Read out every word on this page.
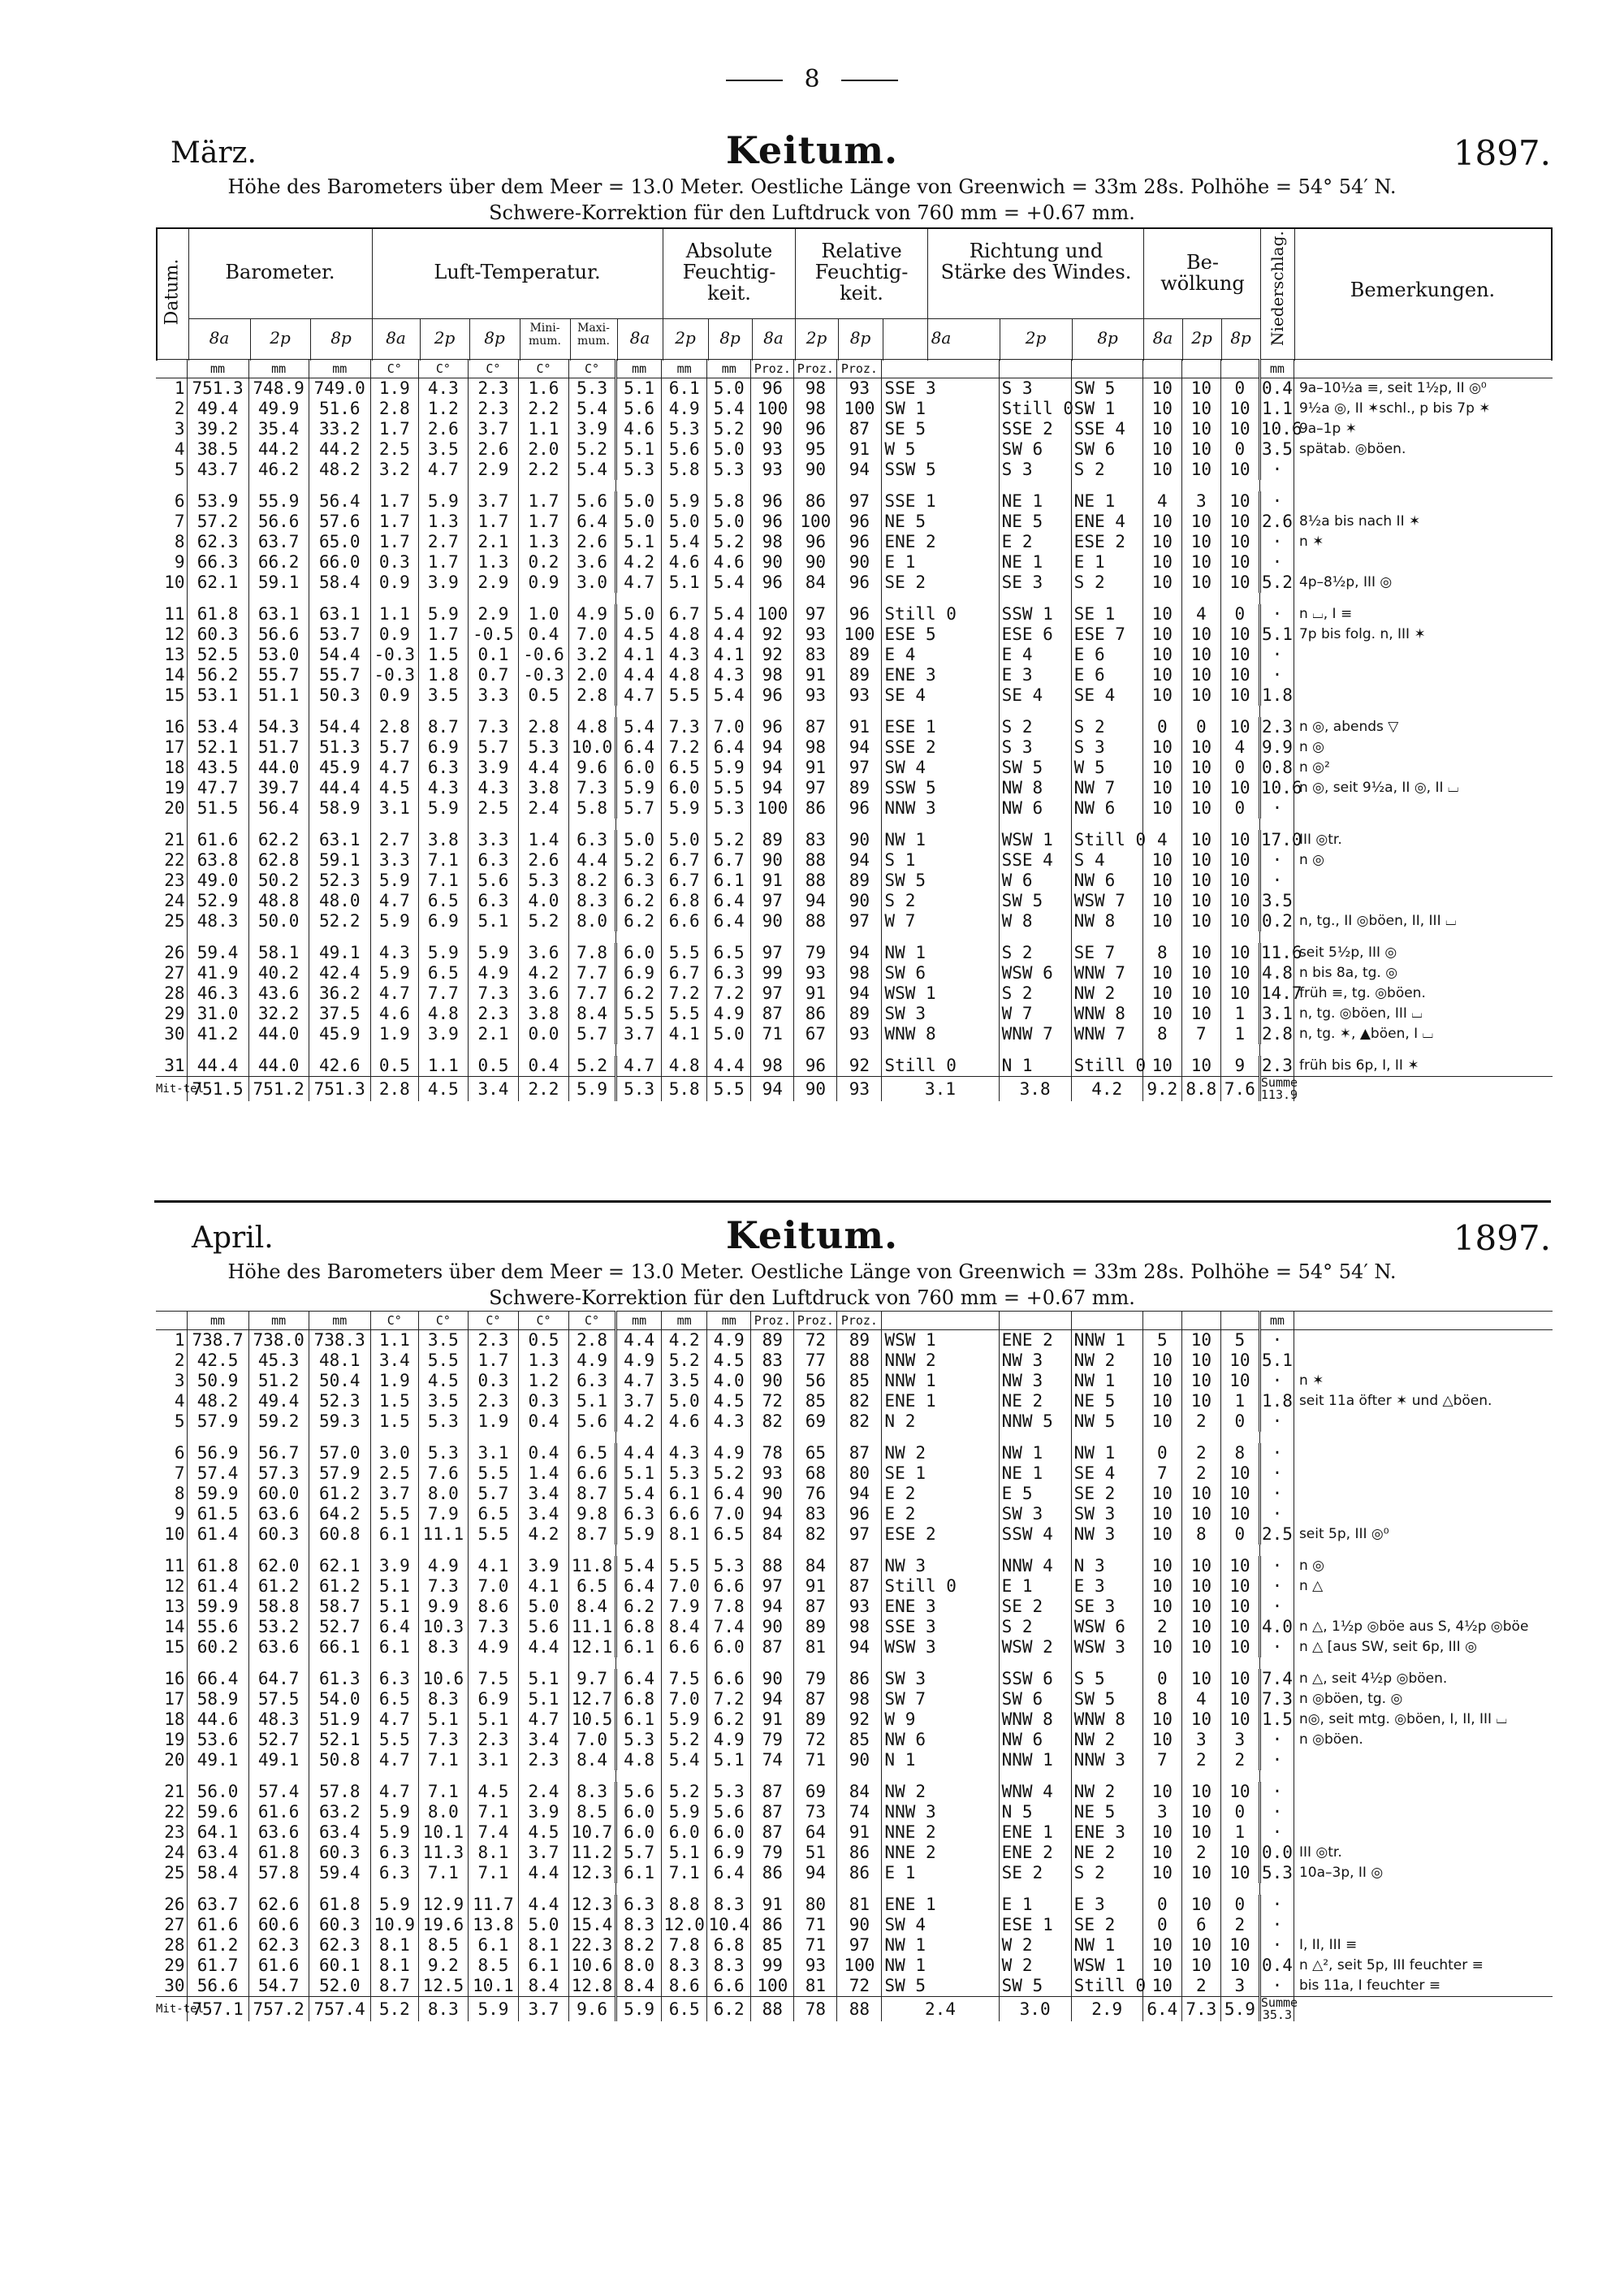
8
März.	Keitum.	1897.
Höhe des Barometers über dem Meer = 13.0 Meter. Oestliche Länge von Greenwich = 33m 28s. Polhöhe = 54° 54′ N.
Schwere-Korrektion für den Luftdruck von 760 mm = +0.67 mm.
Datum.	Barometer.	Luft-Temperatur.
Absolute Feuchtig-keit.
Relative Feuchtig-keit.
Richtung und Stärke des Windes.	Be-wölkung	Niederschlag.	Bemerkungen.
8a	2p	8p	8a	2p	8p	Mini-mum.
Maxi-mum.	8a	2p	8p	8a	2p	8p	8a	2p	8p	8a	2p	8p
	mm	mm	mm	C°	C°	C°	C°	C°	mm	mm	mm	Proz.	Proz.	Proz.							mm	
1	751.3	748.9	749.0	1.9	4.3	2.3	1.6	5.3	5.1	6.1	5.0	96	98	93	SSE 3	S 3	SW 5	10	10	0	0.4	9a–10½a ≡, seit 1½p, II ◎⁰
2	49.4	49.9	51.6	2.8	1.2	2.3	2.2	5.4	5.6	4.9	5.4	100	98	100	SW 1	Still 0	SW 1	10	10	10	1.1	9½a ◎, II ✶schl., p bis 7p ✶
3	39.2	35.4	33.2	1.7	2.6	3.7	1.1	3.9	4.6	5.3	5.2	90	96	87	SE 5	SSE 2	SSE 4	10	10	10	10.6	9a–1p ✶
4	38.5	44.2	44.2	2.5	3.5	2.6	2.0	5.2	5.1	5.6	5.0	93	95	91	W 5	SW 6	SW 6	10	10	0	3.5	spätab. ◎böen.
5	43.7	46.2	48.2	3.2	4.7	2.9	2.2	5.4	5.3	5.8	5.3	93	90	94	SSW 5	S 3	S 2	10	10	10	·	

6	53.9	55.9	56.4	1.7	5.9	3.7	1.7	5.6	5.0	5.9	5.8	96	86	97	SSE 1	NE 1	NE 1	4	3	10	·	
7	57.2	56.6	57.6	1.7	1.3	1.7	1.7	6.4	5.0	5.0	5.0	96	100	96	NE 5	NE 5	ENE 4	10	10	10	2.6	8½a bis nach II ✶
8	62.3	63.7	65.0	1.7	2.7	2.1	1.3	2.6	5.1	5.4	5.2	98	96	96	ENE 2	E 2	ESE 2	10	10	10	·	n ✶
9	66.3	66.2	66.0	0.3	1.7	1.3	0.2	3.6	4.2	4.6	4.6	90	90	90	E 1	NE 1	E 1	10	10	10	·	
10	62.1	59.1	58.4	0.9	3.9	2.9	0.9	3.0	4.7	5.1	5.4	96	84	96	SE 2	SE 3	S 2	10	10	10	5.2	4p–8½p, III ◎

11	61.8	63.1	63.1	1.1	5.9	2.9	1.0	4.9	5.0	6.7	5.4	100	97	96	Still 0	SSW 1	SE 1	10	4	0	·	n ⌴, I ≡
12	60.3	56.6	53.7	0.9	1.7	-0.5	0.4	7.0	4.5	4.8	4.4	92	93	100	ESE 5	ESE 6	ESE 7	10	10	10	5.1	7p bis folg. n, III ✶
13	52.5	53.0	54.4	-0.3	1.5	0.1	-0.6	3.2	4.1	4.3	4.1	92	83	89	E 4	E 4	E 6	10	10	10	·	
14	56.2	55.7	55.7	-0.3	1.8	0.7	-0.3	2.0	4.4	4.8	4.3	98	91	89	ENE 3	E 3	E 6	10	10	10	·	
15	53.1	51.1	50.3	0.9	3.5	3.3	0.5	2.8	4.7	5.5	5.4	96	93	93	SE 4	SE 4	SE 4	10	10	10	1.8	

16	53.4	54.3	54.4	2.8	8.7	7.3	2.8	4.8	5.4	7.3	7.0	96	87	91	ESE 1	S 2	S 2	0	0	10	2.3	n ◎, abends ▽
17	52.1	51.7	51.3	5.7	6.9	5.7	5.3	10.0	6.4	7.2	6.4	94	98	94	SSE 2	S 3	S 3	10	10	4	9.9	n ◎
18	43.5	44.0	45.9	4.7	6.3	3.9	4.4	9.6	6.0	6.5	5.9	94	91	97	SW 4	SW 5	W 5	10	10	0	0.8	n ◎²
19	47.7	39.7	44.4	4.5	4.3	4.3	3.8	7.3	5.9	6.0	5.5	94	97	89	SSW 5	NW 8	NW 7	10	10	10	10.6	n ◎, seit 9½a, II ◎, II ⌴
20	51.5	56.4	58.9	3.1	5.9	2.5	2.4	5.8	5.7	5.9	5.3	100	86	96	NNW 3	NW 6	NW 6	10	10	0	·	

21	61.6	62.2	63.1	2.7	3.8	3.3	1.4	6.3	5.0	5.0	5.2	89	83	90	NW 1	WSW 1	Still 0	4	10	10	17.0	III ◎tr.
22	63.8	62.8	59.1	3.3	7.1	6.3	2.6	4.4	5.2	6.7	6.7	90	88	94	S 1	SSE 4	S 4	10	10	10	·	n ◎
23	49.0	50.2	52.3	5.9	7.1	5.6	5.3	8.2	6.3	6.7	6.1	91	88	89	SW 5	W 6	NW 6	10	10	10	·	
24	52.9	48.8	48.0	4.7	6.5	6.3	4.0	8.3	6.2	6.8	6.4	97	94	90	S 2	SW 5	WSW 7	10	10	10	3.5	
25	48.3	50.0	52.2	5.9	6.9	5.1	5.2	8.0	6.2	6.6	6.4	90	88	97	W 7	W 8	NW 8	10	10	10	0.2	n, tg., II ◎böen, II, III ⌴

26	59.4	58.1	49.1	4.3	5.9	5.9	3.6	7.8	6.0	5.5	6.5	97	79	94	NW 1	S 2	SE 7	8	10	10	11.6	seit 5½p, III ◎
27	41.9	40.2	42.4	5.9	6.5	4.9	4.2	7.7	6.9	6.7	6.3	99	93	98	SW 6	WSW 6	WNW 7	10	10	10	4.8	n bis 8a, tg. ◎
28	46.3	43.6	36.2	4.7	7.7	7.3	3.6	7.7	6.2	7.2	7.2	97	91	94	WSW 1	S 2	NW 2	10	10	10	14.7	früh ≡, tg. ◎böen.
29	31.0	32.2	37.5	4.6	4.8	2.3	3.8	8.4	5.5	5.5	4.9	87	86	89	SW 3	W 7	WNW 8	10	10	1	3.1	n, tg. ◎böen, III ⌴
30	41.2	44.0	45.9	1.9	3.9	2.1	0.0	5.7	3.7	4.1	5.0	71	67	93	WNW 8	WNW 7	WNW 7	8	7	1	2.8	n, tg. ✶, ▲böen, I ⌴

31	44.4	44.0	42.6	0.5	1.1	0.5	0.4	5.2	4.7	4.8	4.4	98	96	92	Still 0	N 1	Still 0	10	10	9	2.3	früh bis 6p, I, II ✶
Mit-tel	751.5	751.2	751.3	2.8	4.5	3.4	2.2	5.9	5.3	5.8	5.5	94	90	93	3.1	3.8	4.2	9.2	8.8	7.6	Summe 113.9	
April.	Keitum.	1897.
Höhe des Barometers über dem Meer = 13.0 Meter. Oestliche Länge von Greenwich = 33m 28s. Polhöhe = 54° 54′ N.
Schwere-Korrektion für den Luftdruck von 760 mm = +0.67 mm.
	mm	mm	mm	C°	C°	C°	C°	C°	mm	mm	mm	Proz.	Proz.	Proz.							mm	
1	738.7	738.0	738.3	1.1	3.5	2.3	0.5	2.8	4.4	4.2	4.9	89	72	89	WSW 1	ENE 2	NNW 1	5	10	5	·	
2	42.5	45.3	48.1	3.4	5.5	1.7	1.3	4.9	4.9	5.2	4.5	83	77	88	NNW 2	NW 3	NW 2	10	10	10	5.1	
3	50.9	51.2	50.4	1.9	4.5	0.3	1.2	6.3	4.7	3.5	4.0	90	56	85	NNW 1	NW 3	NW 1	10	10	10	·	n ✶
4	48.2	49.4	52.3	1.5	3.5	2.3	0.3	5.1	3.7	5.0	4.5	72	85	82	ENE 1	NE 2	NE 5	10	10	1	1.8	seit 11a öfter ✶ und △böen.
5	57.9	59.2	59.3	1.5	5.3	1.9	0.4	5.6	4.2	4.6	4.3	82	69	82	N 2	NNW 5	NW 5	10	2	0	·	

6	56.9	56.7	57.0	3.0	5.3	3.1	0.4	6.5	4.4	4.3	4.9	78	65	87	NW 2	NW 1	NW 1	0	2	8	·	
7	57.4	57.3	57.9	2.5	7.6	5.5	1.4	6.6	5.1	5.3	5.2	93	68	80	SE 1	NE 1	SE 4	7	2	10	·	
8	59.9	60.0	61.2	3.7	8.0	5.7	3.4	8.7	5.4	6.1	6.4	90	76	94	E 2	E 5	SE 2	10	10	10	·	
9	61.5	63.6	64.2	5.5	7.9	6.5	3.4	9.8	6.3	6.6	7.0	94	83	96	E 2	SW 3	SW 3	10	10	10	·	
10	61.4	60.3	60.8	6.1	11.1	5.5	4.2	8.7	5.9	8.1	6.5	84	82	97	ESE 2	SSW 4	NW 3	10	8	0	2.5	seit 5p, III ◎⁰

11	61.8	62.0	62.1	3.9	4.9	4.1	3.9	11.8	5.4	5.5	5.3	88	84	87	NW 3	NNW 4	N 3	10	10	10	·	n ◎
12	61.4	61.2	61.2	5.1	7.3	7.0	4.1	6.5	6.4	7.0	6.6	97	91	87	Still 0	E 1	E 3	10	10	10	·	n △
13	59.9	58.8	58.7	5.1	9.9	8.6	5.0	8.4	6.2	7.9	7.8	94	87	93	ENE 3	SE 2	SE 3	10	10	10	·	
14	55.6	53.2	52.7	6.4	10.3	7.3	5.6	11.1	6.8	8.4	7.4	90	89	98	SSE 3	S 2	WSW 6	2	10	10	4.0	n △, 1½p ◎böe aus S, 4½p ◎böe
15	60.2	63.6	66.1	6.1	8.3	4.9	4.4	12.1	6.1	6.6	6.0	87	81	94	WSW 3	WSW 2	WSW 3	10	10	10	·	n △ [aus SW, seit 6p, III ◎

16	66.4	64.7	61.3	6.3	10.6	7.5	5.1	9.7	6.4	7.5	6.6	90	79	86	SW 3	SSW 6	S 5	0	10	10	7.4	n △, seit 4½p ◎böen.
17	58.9	57.5	54.0	6.5	8.3	6.9	5.1	12.7	6.8	7.0	7.2	94	87	98	SW 7	SW 6	SW 5	8	4	10	7.3	n ◎böen, tg. ◎
18	44.6	48.3	51.9	4.7	5.1	5.1	4.7	10.5	6.1	5.9	6.2	91	89	92	W 9	WNW 8	WNW 8	10	10	10	1.5	n◎, seit mtg. ◎böen, I, II, III ⌴
19	53.6	52.7	52.1	5.5	7.3	2.3	3.4	7.0	5.3	5.2	4.9	79	72	85	NW 6	NW 6	NW 2	10	3	3	·	n ◎böen.
20	49.1	49.1	50.8	4.7	7.1	3.1	2.3	8.4	4.8	5.4	5.1	74	71	90	N 1	NNW 1	NNW 3	7	2	2	·	

21	56.0	57.4	57.8	4.7	7.1	4.5	2.4	8.3	5.6	5.2	5.3	87	69	84	NW 2	WNW 4	NW 2	10	10	10	·	
22	59.6	61.6	63.2	5.9	8.0	7.1	3.9	8.5	6.0	5.9	5.6	87	73	74	NNW 3	N 5	NE 5	3	10	0	·	
23	64.1	63.6	63.4	5.9	10.1	7.4	4.5	10.7	6.0	6.0	6.0	87	64	91	NNE 2	ENE 1	ENE 3	10	10	1	·	
24	63.4	61.8	60.3	6.3	11.3	8.1	3.7	11.2	5.7	5.1	6.9	79	51	86	NNE 2	ENE 2	NE 2	10	2	10	0.0	III ◎tr.
25	58.4	57.8	59.4	6.3	7.1	7.1	4.4	12.3	6.1	7.1	6.4	86	94	86	E 1	SE 2	S 2	10	10	10	5.3	10a–3p, II ◎

26	63.7	62.6	61.8	5.9	12.9	11.7	4.4	12.3	6.3	8.8	8.3	91	80	81	ENE 1	E 1	E 3	0	10	0	·	
27	61.6	60.6	60.3	10.9	19.6	13.8	5.0	15.4	8.3	12.0	10.4	86	71	90	SW 4	ESE 1	SE 2	0	6	2	·	
28	61.2	62.3	62.3	8.1	8.5	6.1	8.1	22.3	8.2	7.8	6.8	85	71	97	NW 1	W 2	NW 1	10	10	10	·	I, II, III ≡
29	61.7	61.6	60.1	8.1	9.2	8.5	6.1	10.6	8.0	8.3	8.3	99	93	100	NW 1	W 2	WSW 1	10	10	10	0.4	n △², seit 5p, III feuchter ≡
30	56.6	54.7	52.0	8.7	12.5	10.1	8.4	12.8	8.4	8.6	6.6	100	81	72	SW 5	SW 5	Still 0	10	2	3	·	bis 11a, I feuchter ≡
Mit-tel	757.1	757.2	757.4	5.2	8.3	5.9	3.7	9.6	5.9	6.5	6.2	88	78	88	2.4	3.0	2.9	6.4	7.3	5.9	Summe 35.3	
